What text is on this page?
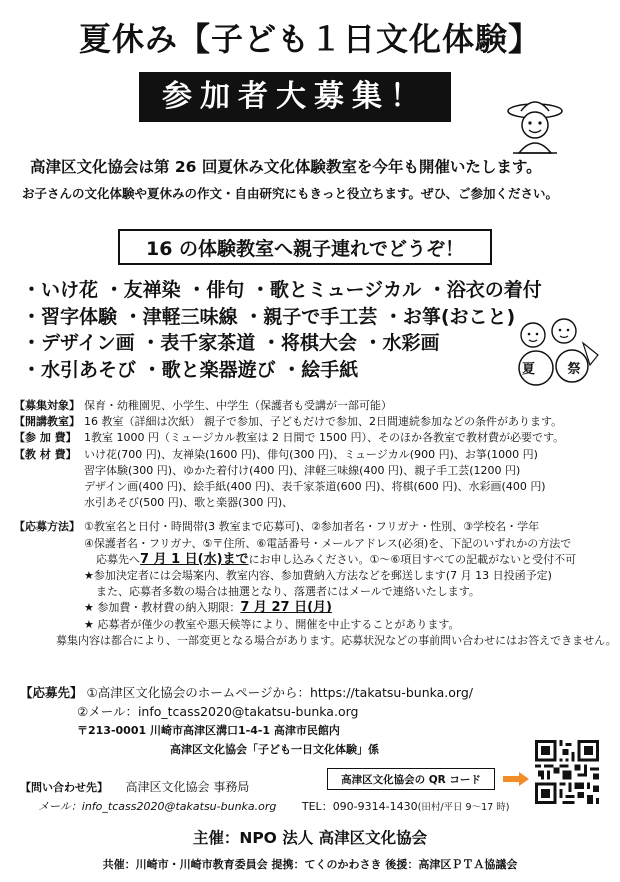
夏休み【子ども１日文化体験】
参加者大募集！
高津区文化協会は第 26 回夏休み文化体験教室を今年も開催いたします。
お子さんの文化体験や夏休みの作文・自由研究にもきっと役立ちます。ぜひ、ご参加ください。
16 の体験教室へ親子連れでどうぞ！
・いけ花 ・友禅染 ・俳句 ・歌とミュージカル ・浴衣の着付
・習字体験 ・津軽三味線 ・親子で手工芸 ・お箏(おこと)
・デザイン画 ・表千家茶道 ・将棋大会 ・水彩画
・水引あそび ・歌と楽器遊び ・絵手紙	夏 祭
【募集対象】 保育・幼稚園児、小学生、中学生（保護者も受講が一部可能）
【開講教室】 16 教室（詳細は次紙） 親子で参加、子どもだけで参加、2日間連続参加などの条件があります。
【参 加 費】 1教室 1000 円（ミュージカル教室は 2 日間で 1500 円）、そのほか各教室で教材費が必要です。
【教 材 費】 いけ花(700 円)、友禅染(1600 円)、俳句(300 円)、ミュージカル(900 円)、お箏(1000 円)
習字体験(300 円)、ゆかた着付け(400 円)、津軽三味線(400 円)、親子手工芸(1200 円)
デザイン画(400 円)、絵手紙(400 円)、表千家茶道(600 円)、将棋(600 円)、水彩画(400 円)
水引あそび(500 円)、歌と楽器(300 円)、
【応募方法】 ①教室名と日付・時間帯(3 教室まで応募可)、②参加者名・フリガナ・性別、③学校名・学年
④保護者名・フリガナ、⑤〒住所、⑥電話番号・メールアドレス(必須)を、下記のいずれかの方法で
応募先へ7 月 1 日(水)までにお申し込みください。①～⑥項目すべての記載がないと受付不可
★参加決定者には会場案内、教室内容、参加費納入方法などを郵送します(7 月 13 日投函予定)
また、応募者多数の場合は抽選となり、落選者にはメールで連絡いたします。
★ 参加費・教材費の納入期限：7 月 27 日(月)
★ 応募者が僅少の教室や悪天候等により、開催を中止することがあります。
募集内容は都合により、一部変更となる場合があります。応募状況などの事前問い合わせにはお答えできません。
【応募先】 ①高津区文化協会のホームページから：https://takatsu-bunka.org/
②メール：info_tcass2020@takatsu-bunka.org
〒213-0001 川崎市高津区溝口1-4-1 高津市民館内
高津区文化協会「子ども一日文化体験」係
高津区文化協会の QR コード
【問い合わせ先】 高津区文化協会 事務局
メール：info_tcass2020@takatsu-bunka.org TEL：090-9314-1430(田村/平日 9～17 時)
主催：NPO 法人 高津区文化協会
共催：川崎市・川崎市教育委員会 提携：てくのかわさき 後援：高津区ＰＴＡ協議会
